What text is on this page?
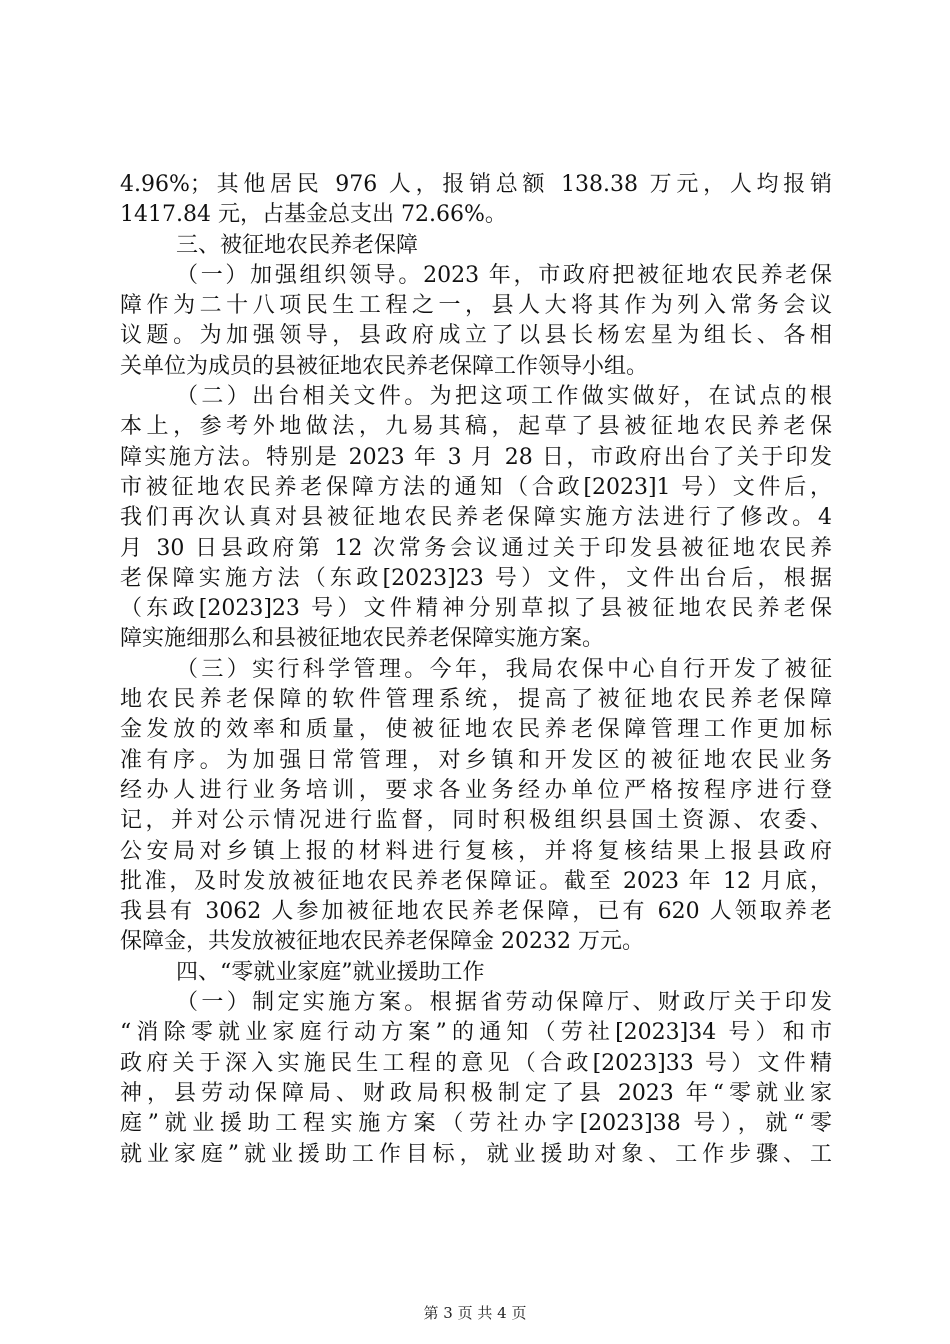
4.96%；其他居民 976 人，报销总额 138.38 万元，人均报销
1417.84 元，占基金总支出 72.66%。
三、被征地农民养老保障
（一）加强组织领导。2023 年，市政府把被征地农民养老保
障作为二十八项民生工程之一，县人大将其作为列入常务会议
议题。为加强领导，县政府成立了以县长杨宏星为组长、各相
关单位为成员的县被征地农民养老保障工作领导小组。
（二）出台相关文件。为把这项工作做实做好，在试点的根
本上，参考外地做法，九易其稿，起草了县被征地农民养老保
障实施方法。特别是 2023 年 3 月 28 日，市政府出台了关于印发
市被征地农民养老保障方法的通知（合政[2023]1 号）文件后，
我们再次认真对县被征地农民养老保障实施方法进行了修改。4
月 30 日县政府第 12 次常务会议通过关于印发县被征地农民养
老保障实施方法（东政[2023]23 号）文件，文件出台后，根据
（东政[2023]23 号）文件精神分别草拟了县被征地农民养老保
障实施细那么和县被征地农民养老保障实施方案。
（三）实行科学管理。今年，我局农保中心自行开发了被征
地农民养老保障的软件管理系统，提高了被征地农民养老保障
金发放的效率和质量，使被征地农民养老保障管理工作更加标
准有序。为加强日常管理，对乡镇和开发区的被征地农民业务
经办人进行业务培训，要求各业务经办单位严格按程序进行登
记，并对公示情况进行监督，同时积极组织县国土资源、农委、
公安局对乡镇上报的材料进行复核，并将复核结果上报县政府
批准，及时发放被征地农民养老保障证。截至 2023 年 12 月底，
我县有 3062 人参加被征地农民养老保障，已有 620 人领取养老
保障金，共发放被征地农民养老保障金 20232 万元。
四、“零就业家庭”就业援助工作
（一）制定实施方案。根据省劳动保障厅、财政厅关于印发
“消除零就业家庭行动方案”的通知（劳社[2023]34 号）和市
政府关于深入实施民生工程的意见（合政[2023]33 号）文件精
神，县劳动保障局、财政局积极制定了县 2023 年“零就业家
庭”就业援助工程实施方案（劳社办字[2023]38 号），就“零
就业家庭”就业援助工作目标，就业援助对象、工作步骤、工
第 3 页 共 4 页
